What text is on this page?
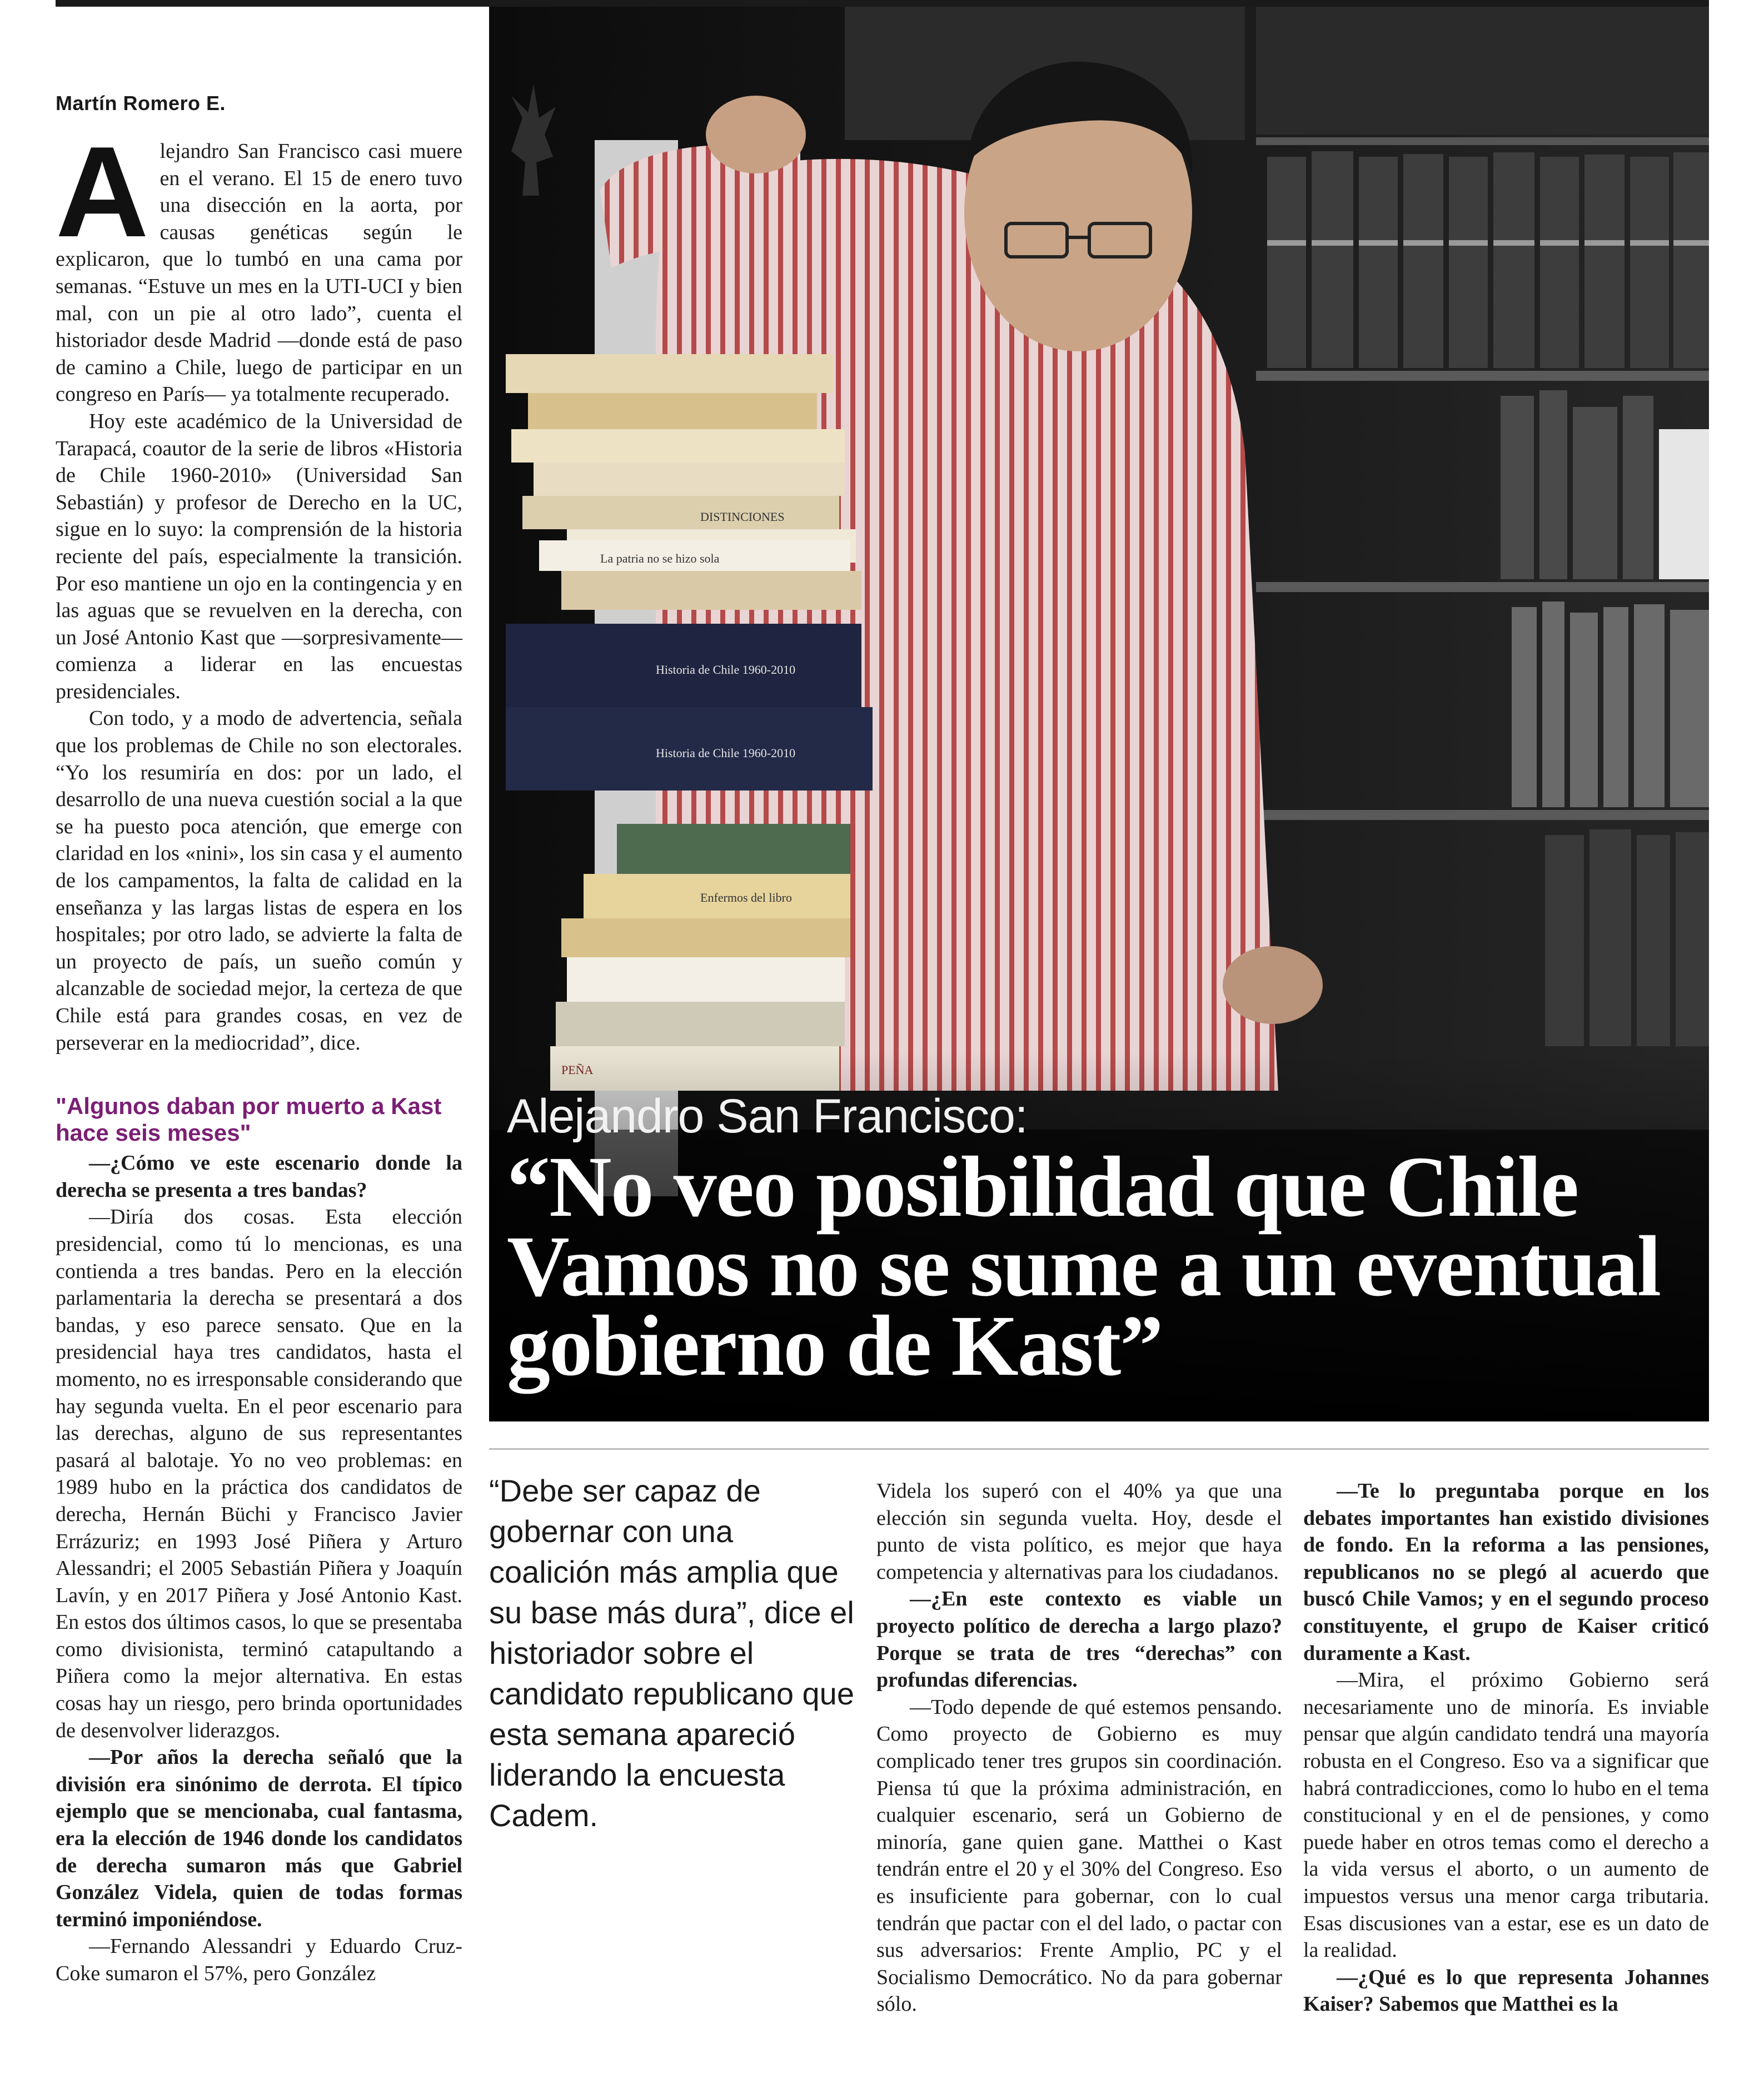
Martín Romero E.

Alejandro San Francisco casi muere en el verano. El 15 de enero tuvo una disección en la aorta, por causas genéticas según le explicaron, que lo tumbó en una cama por semanas. “Estuve un mes en la UTI-UCI y bien mal, con un pie al otro lado”, cuenta el historiador desde Madrid —donde está de paso de camino a Chile, luego de participar en un congreso en París— ya totalmente recuperado.

Hoy este académico de la Universidad de Tarapacá, coautor de la serie de libros «Historia de Chile 1960-2010» (Universidad San Sebastián) y profesor de Derecho en la UC, sigue en lo suyo: la comprensión de la historia reciente del país, especialmente la transición. Por eso mantiene un ojo en la contingencia y en las aguas que se revuelven en la derecha, con un José Antonio Kast que —sorpresivamente— comienza a liderar en las encuestas presidenciales.

Con todo, y a modo de advertencia, señala que los problemas de Chile no son electorales. “Yo los resumiría en dos: por un lado, el desarrollo de una nueva cuestión social a la que se ha puesto poca atención, que emerge con claridad en los «nini», los sin casa y el aumento de los campamentos, la falta de calidad en la enseñanza y las largas listas de espera en los hospitales; por otro lado, se advierte la falta de un proyecto de país, un sueño común y alcanzable de sociedad mejor, la certeza de que Chile está para grandes cosas, en vez de perseverar en la mediocridad”, dice.

"Algunos daban por muerto a Kast hace seis meses"

—¿Cómo ve este escenario donde la derecha se presenta a tres bandas?

—Diría dos cosas. Esta elección presidencial, como tú lo mencionas, es una contienda a tres bandas. Pero en la elección parlamentaria la derecha se presentará a dos bandas, y eso parece sensato. Que en la presidencial haya tres candidatos, hasta el momento, no es irresponsable considerando que hay segunda vuelta. En el peor escenario para las derechas, alguno de sus representantes pasará al balotaje. Yo no veo problemas: en 1989 hubo en la práctica dos candidatos de derecha, Hernán Büchi y Francisco Javier Errázuriz; en 1993 José Piñera y Arturo Alessandri; el 2005 Sebastián Piñera y Joaquín Lavín, y en 2017 Piñera y José Antonio Kast. En estos dos últimos casos, lo que se presentaba como divisionista, terminó catapultando a Piñera como la mejor alternativa. En estas cosas hay un riesgo, pero brinda oportunidades de desenvolver liderazgos.

—Por años la derecha señaló que la división era sinónimo de derrota. El típico ejemplo que se mencionaba, cual fantasma, era la elección de 1946 donde los candidatos de derecha sumaron más que Gabriel González Videla, quien de todas formas terminó imponiéndose.

—Fernando Alessandri y Eduardo Cruz-Coke sumaron el 57%, pero González

DISTINCIONES
La patria no se hizo sola
Historia de Chile 1960-2010
Historia de Chile 1960-2010
Enfermos del libro
Alejandro San Francisco:
“No veo posibilidad que Chile Vamos no se sume a un eventual gobierno de Kast”
“Debe ser capaz de gobernar con una coalición más amplia que su base más dura”, dice el historiador sobre el candidato republicano que esta semana apareció liderando la encuesta Cadem.

Videla los superó con el 40% ya que una elección sin segunda vuelta. Hoy, desde el punto de vista político, es mejor que haya competencia y alternativas para los ciudadanos.

—¿En este contexto es viable un proyecto político de derecha a largo plazo? Porque se trata de tres “derechas” con profundas diferencias.

—Todo depende de qué estemos pensando. Como proyecto de Gobierno es muy complicado tener tres grupos sin coordinación. Piensa tú que la próxima administración, en cualquier escenario, será un Gobierno de minoría, gane quien gane. Matthei o Kast tendrán entre el 20 y el 30% del Congreso. Eso es insuficiente para gobernar, con lo cual tendrán que pactar con el del lado, o pactar con sus adversarios: Frente Amplio, PC y el Socialismo Democrático. No da para gobernar sólo.

—Te lo preguntaba porque en los debates importantes han existido divisiones de fondo. En la reforma a las pensiones, republicanos no se plegó al acuerdo que buscó Chile Vamos; y en el segundo proceso constituyente, el grupo de Kaiser criticó duramente a Kast.

—Mira, el próximo Gobierno será necesariamente uno de minoría. Es inviable pensar que algún candidato tendrá una mayoría robusta en el Congreso. Eso va a significar que habrá contradicciones, como lo hubo en el tema constitucional y en el de pensiones, y como puede haber en otros temas como el derecho a la vida versus el aborto, o un aumento de impuestos versus una menor carga tributaria. Esas discusiones van a estar, ese es un dato de la realidad.

—¿Qué es lo que representa Johannes Kaiser? Sabemos que Matthei es la
